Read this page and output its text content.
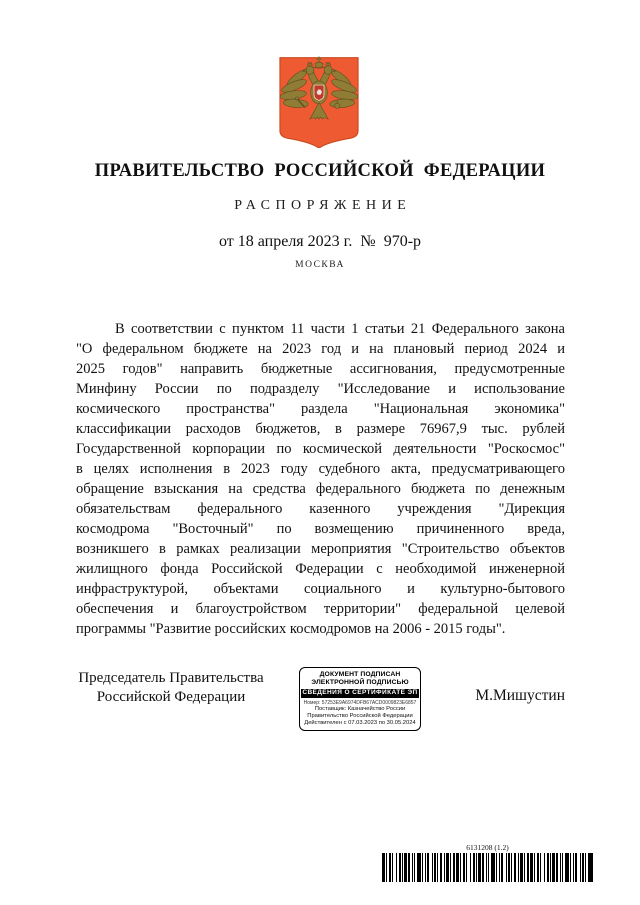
ПРАВИТЕЛЬСТВО РОССИЙСКОЙ ФЕДЕРАЦИИ
РАСПОРЯЖЕНИЕ
от 18 апреля 2023 г.  №  970-р
МОСКВА
В соответствии с пунктом 11 части 1 статьи 21 Федерального закона
"О федеральном бюджете на 2023 год и на плановый период 2024 и
2025 годов" направить бюджетные ассигнования, предусмотренные
Минфину России по подразделу "Исследование и использование
космического пространства" раздела "Национальная экономика"
классификации расходов бюджетов, в размере 76967,9 тыс. рублей
Государственной корпорации по космической деятельности "Роскосмос"
в целях исполнения в 2023 году судебного акта, предусматривающего
обращение взыскания на средства федерального бюджета по денежным
обязательствам федерального казенного учреждения "Дирекция
космодрома "Восточный" по возмещению причиненного вреда,
возникшего в рамках реализации мероприятия "Строительство объектов
жилищного фонда Российской Федерации с необходимой инженерной
инфраструктурой, объектами социального и культурно-бытового
обеспечения и благоустройством территории" федеральной целевой
программы "Развитие российских космодромов на 2006 - 2015 годы".
Председатель Правительства
Российской Федерации
ДОКУМЕНТ ПОДПИСАН
ЭЛЕКТРОННОЙ ПОДПИСЬЮ
СВЕДЕНИЯ О СЕРТИФИКАТЕ ЭП
Номер: 57253E9A6974DFB67ACD0009823E6857
Поставщик: Казначейство России
Правительство Российской Федерации
Действителен с 07.03.2023 по 30.05.2024
М.Мишустин
6131208 (1.2)
